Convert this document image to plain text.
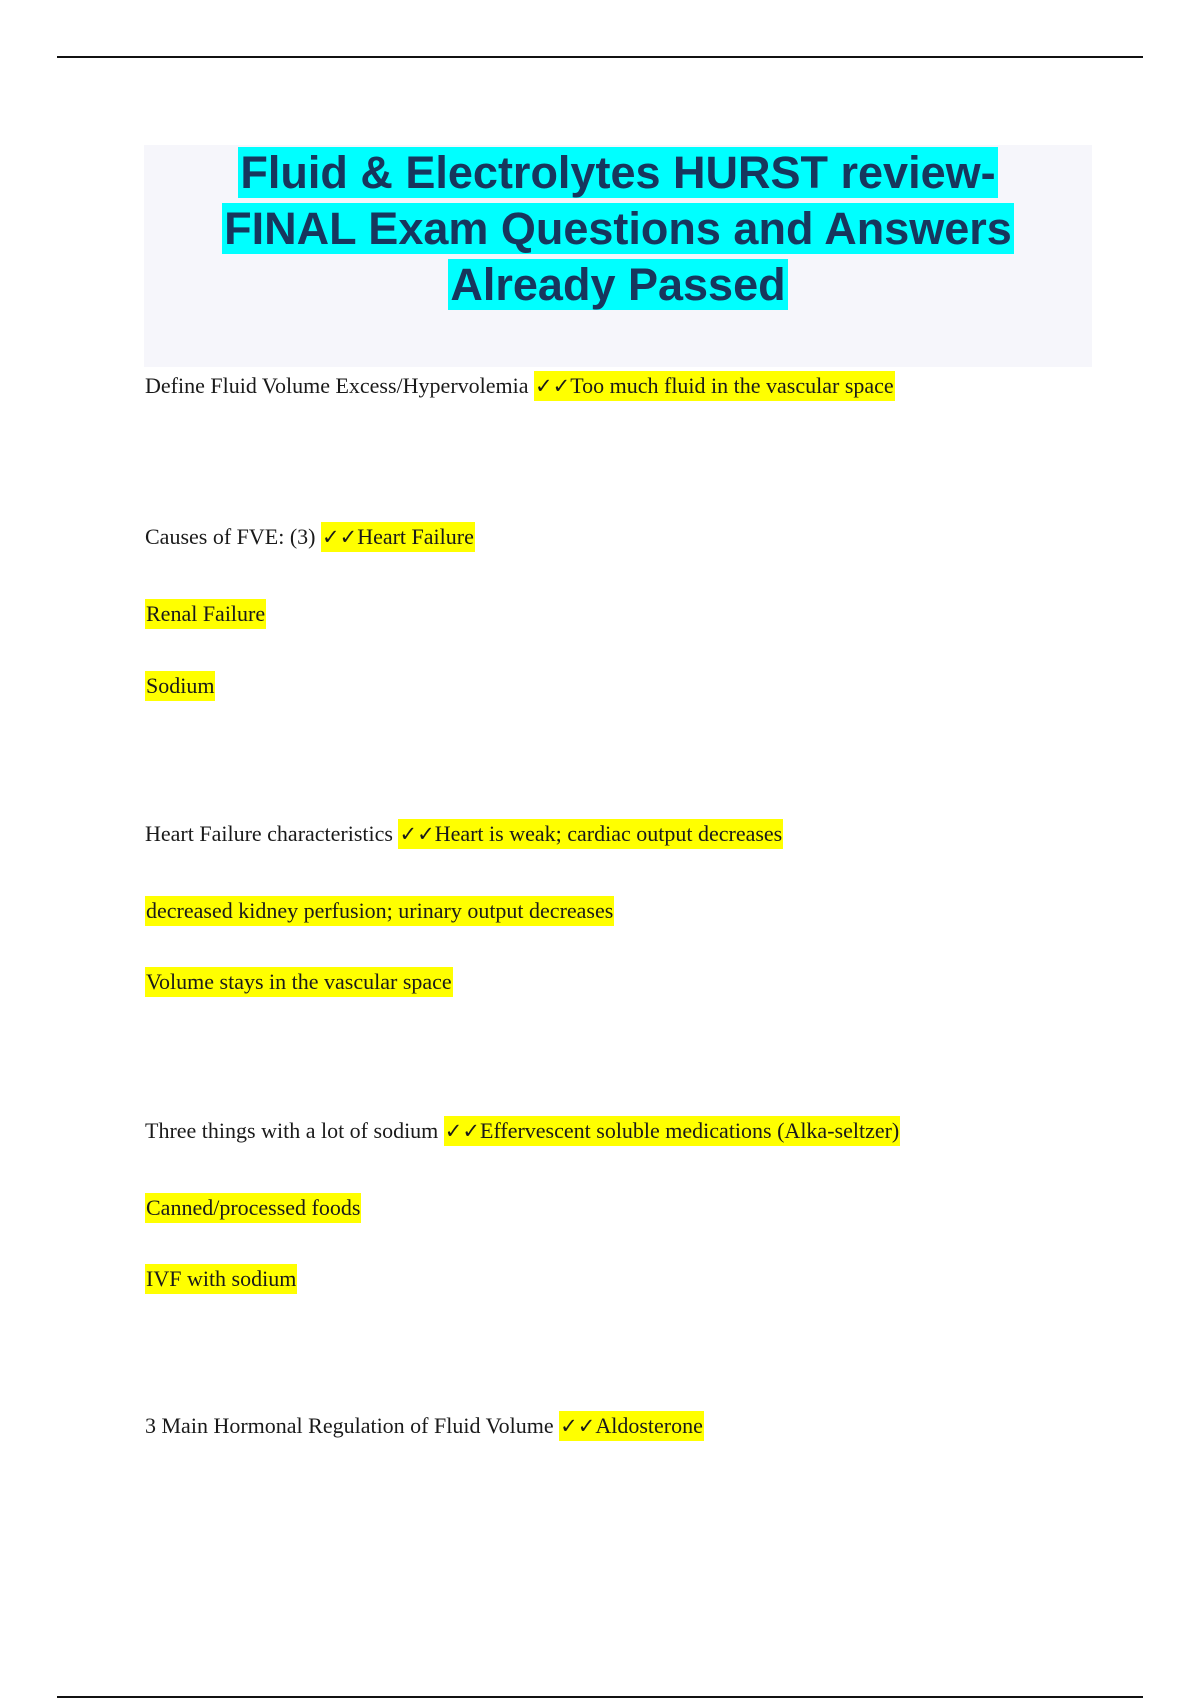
Fluid & Electrolytes HURST review-
FINAL Exam Questions and Answers
Already Passed
Define Fluid Volume Excess/Hypervolemia ✓✓Too much fluid in the vascular space
Causes of FVE: (3) ✓✓Heart Failure
Renal Failure
Sodium
Heart Failure characteristics ✓✓Heart is weak; cardiac output decreases
decreased kidney perfusion; urinary output decreases
Volume stays in the vascular space
Three things with a lot of sodium ✓✓Effervescent soluble medications (Alka-seltzer)
Canned/processed foods
IVF with sodium
3 Main Hormonal Regulation of Fluid Volume ✓✓Aldosterone
